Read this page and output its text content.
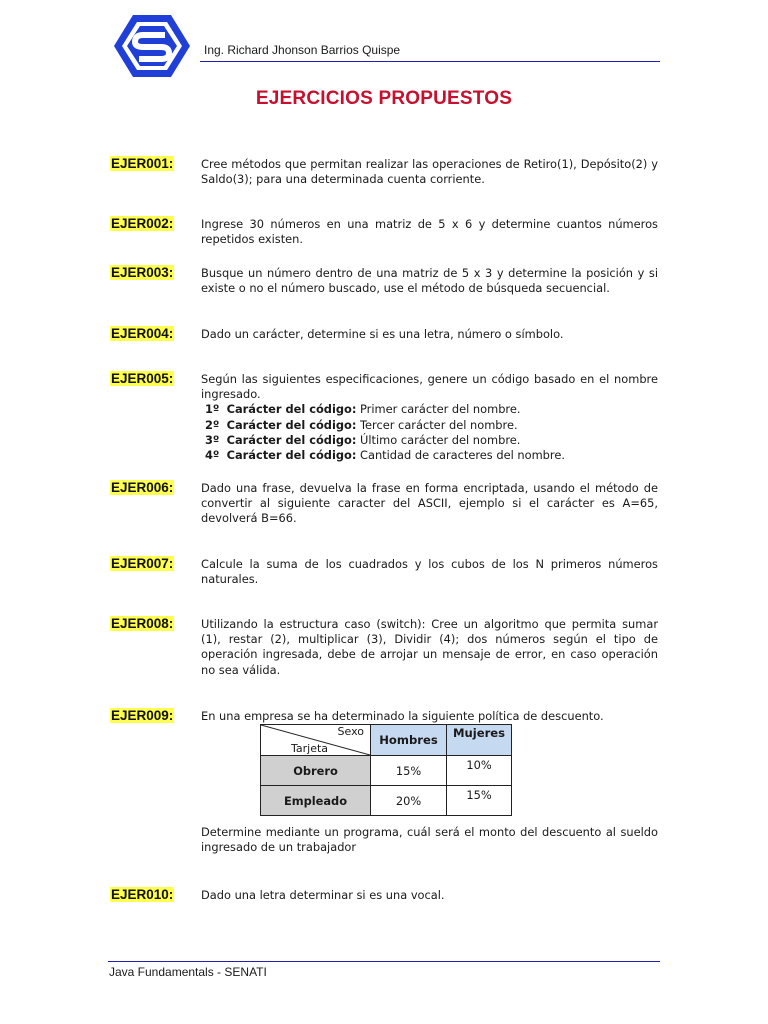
Ing. Richard Jhonson Barrios Quispe
EJERCICIOS PROPUESTOS
EJER001: Cree métodos que permitan realizar las operaciones de Retiro(1), Depósito(2) y Saldo(3); para una determinada cuenta corriente.
EJER002: Ingrese 30 números en una matriz de 5 x 6 y determine cuantos números repetidos existen.
EJER003: Busque un número dentro de una matriz de 5 x 3 y determine la posición y si existe o no el número buscado, use el método de búsqueda secuencial.
EJER004: Dado un carácter, determine si es una letra, número o símbolo.
EJER005: Según las siguientes especificaciones, genere un código basado en el nombre ingresado.

1º Carácter del código: Primer carácter del nombre.
2º Carácter del código: Tercer carácter del nombre.
3º Carácter del código: Último carácter del nombre.
4º Carácter del código: Cantidad de caracteres del nombre.
EJER006: Dado una frase, devuelva la frase en forma encriptada, usando el método de convertir al siguiente caracter del ASCII, ejemplo si el carácter es A=65, devolverá B=66.
EJER007: Calcule la suma de los cuadrados y los cubos de los N primeros números naturales.
EJER008: Utilizando la estructura caso (switch): Cree un algoritmo que permita sumar (1), restar (2), multiplicar (3), Dividir (4); dos números según el tipo de operación ingresada, debe de arrojar un mensaje de error, en caso operación no sea válida.
EJER009: En una empresa se ha determinado la siguiente política de descuento.
Determine mediante un programa, cuál será el monto del descuento al sueldo ingresado de un trabajador
Sexo
Tarjeta	Hombres	Mujeres
Obrero	15%	10%
Empleado	20%	15%
EJER010: Dado una letra determinar si es una vocal.
Java Fundamentals - SENATI
